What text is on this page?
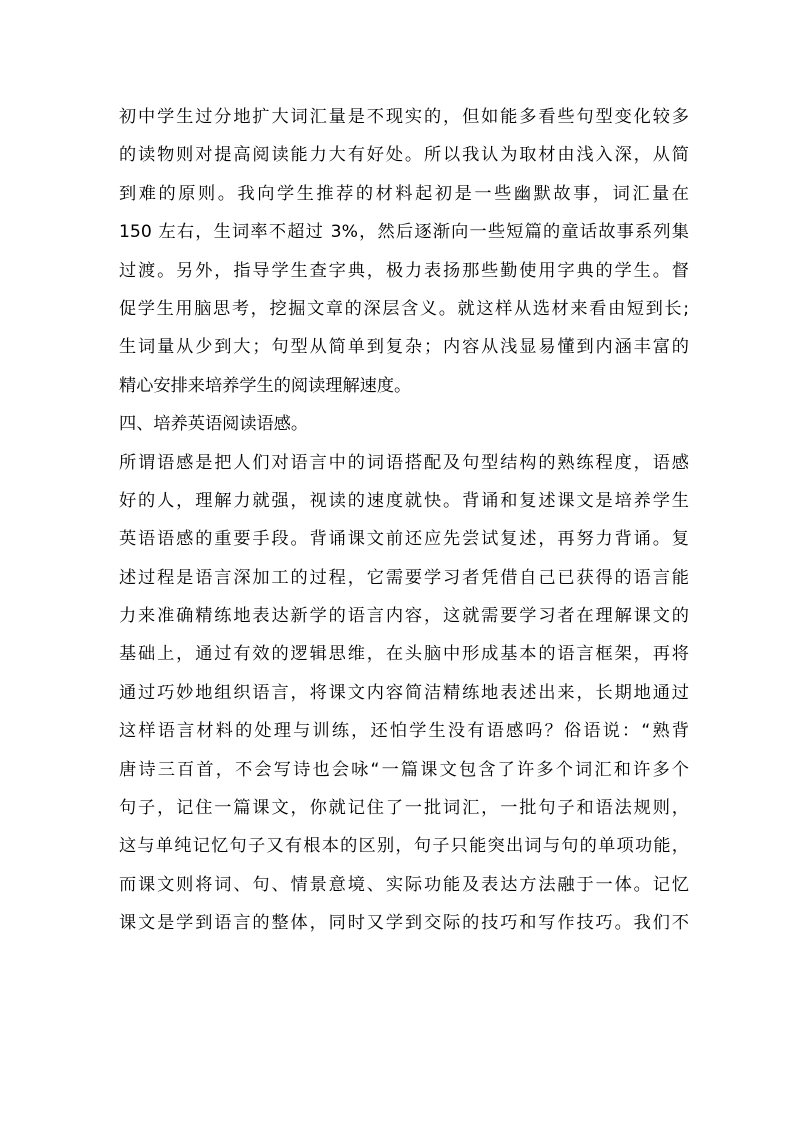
初中学生过分地扩大词汇量是不现实的，但如能多看些句型变化较多
的读物则对提高阅读能力大有好处。所以我认为取材由浅入深，从简
到难的原则。我向学生推荐的材料起初是一些幽默故事，词汇量在
150 左右，生词率不超过 3%，然后逐渐向一些短篇的童话故事系列集
过渡。另外，指导学生查字典，极力表扬那些勤使用字典的学生。督
促学生用脑思考，挖掘文章的深层含义。就这样从选材来看由短到长;
生词量从少到大；句型从简单到复杂；内容从浅显易懂到内涵丰富的
精心安排来培养学生的阅读理解速度。
四、培养英语阅读语感。
所谓语感是把人们对语言中的词语搭配及句型结构的熟练程度，语感
好的人，理解力就强，视读的速度就快。背诵和复述课文是培养学生
英语语感的重要手段。背诵课文前还应先尝试复述，再努力背诵。复
述过程是语言深加工的过程，它需要学习者凭借自己已获得的语言能
力来准确精练地表达新学的语言内容，这就需要学习者在理解课文的
基础上，通过有效的逻辑思维，在头脑中形成基本的语言框架，再将
通过巧妙地组织语言，将课文内容简洁精练地表述出来，长期地通过
这样语言材料的处理与训练，还怕学生没有语感吗？俗语说：“熟背
唐诗三百首，不会写诗也会咏“一篇课文包含了许多个词汇和许多个
句子，记住一篇课文，你就记住了一批词汇，一批句子和语法规则，
这与单纯记忆句子又有根本的区别，句子只能突出词与句的单项功能，
而课文则将词、句、情景意境、实际功能及表达方法融于一体。记忆
课文是学到语言的整体，同时又学到交际的技巧和写作技巧。我们不
